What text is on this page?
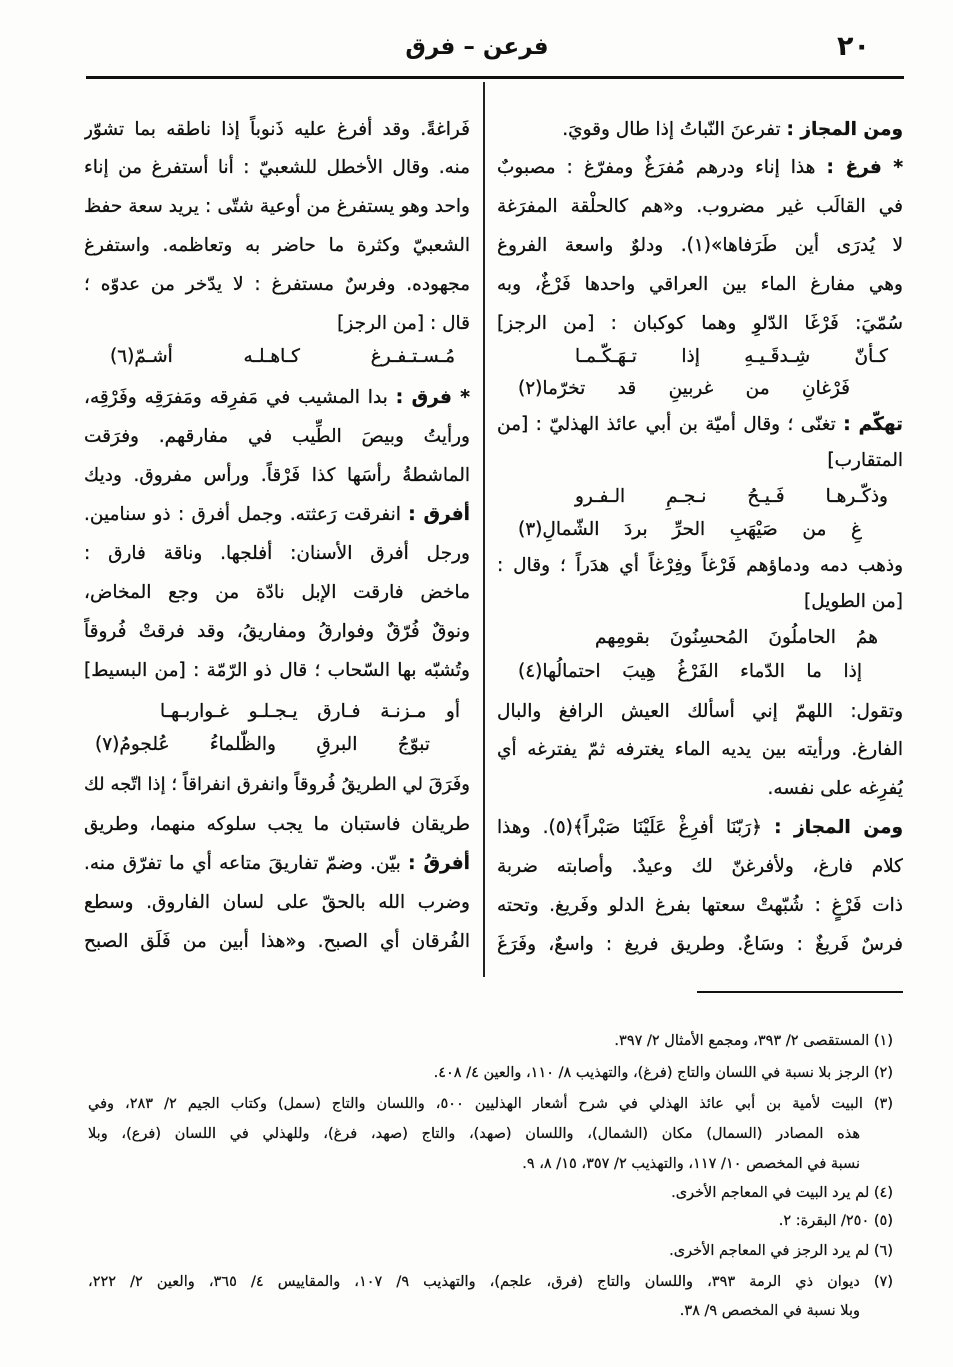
٢٠
فرعن – فرق
ومن المجاز : تفرعنَ النّباتُ إذا طال وقويَ.
* فرغ : هذا إناء ودرهم مُفرَغٌ ومفرّغ : مصبوبٌ
في القالَب غير مضروب. و«هم كالحلْقة المفرَغة
لا يُدرَى أين طَرَفاها»(١). ودلوٌ واسعة الفروغ
وهي مفارغ الماء بين العراقي واحدها فَرْغٌ، وبه
سُمّيَ: فَرْغَا الدّلوِ وهما كوكبان : [من الرجز]
كـأنّ شِـدقَـيـهِ إذا تـهَـكّـمـا
فَرْغانِ من غربينِ قد تخرّما(٢)
تهكّم : تغنّى ؛ وقال أميّة بن أبي عائذ الهذليّ : [من
المتقارب]
وذكّـرهـا فَـيـحُ نـجـمِ الـفـرو
غِ من صَيْهَبِ الحرِّ بردَ الشّمالِ(٣)
وذهب دمه ودماؤهم فَرْغاً وفِرْغاً أي هدَراً ؛ وقال :
[من الطويل]
همُ الحاملُونَ المُحسِنُونَ بقومِهم
إذا ما الدّماء الفَرْغُ هِيبَ احتمالُها(٤)
وتقول: اللهمّ إني أسألك العيش الرافغ والبال
الفارغ. ورأيته بين يديه الماء يغترفه ثمّ يفترغه أي
يُفرِغه على نفسه.
ومن المجاز : ﴿رَبّنَا أفرِغْ عَلَيْنَا صَبْراً﴾(٥). وهذا
كلام فارغ، ولأفرغنّ لك وعيدٌ. وأصابته ضربة
ذات فَرْغٍ : شُبّهتْ سعتها بفرغ الدلو وفَريغ. وتحته
فرسٌ فَريغٌ : وسَاعٌ. وطريق فريغ : واسعٌ، وفَرَغَ
فَراغةً. وقد أفرغ عليه ذَنوباً إذا ناطقه بما تشوّر
منه. وقال الأخطل للشعبيّ : أنا أستفرغ من إناء
واحد وهو يستفرغ من أوعية شتّى : يريد سعة حفظ
الشعبيّ وكثرة ما حاضر به وتعاظمه. واستفرغ
مجهوده. وفرسٌ مستفرغ : لا يدّخر من عدوّه ؛
قال : [من الرجز]
مُـسـتـفـرغ كـاهـلـه أشـمّ(٦)
* فرق : بدا المشيب في مَفرِقه ومَفرَقِه وفَرْقِه،
ورأيتُ وبيصَ الطِّيب في مفارقهم. وفرَقت
الماشطةُ رأسَها كذا فَرْقاً. ورأس مفروق. وديك
أفرق : انفرقت رَعثته. وجمل أفرق : ذو سنامين.
ورجل أفرق الأسنان: أفلجها. وناقة فارق :
ماخض فارقت الإبل نادّة من وجع المخاض،
ونوقٌ فُرّقٌ وفوارقُ ومفاريقُ، وقد فرقتْ فُروقاً
وتُشبّه بها السّحاب ؛ قال ذو الرّمّة : [من البسيط]
أو مـزنـة فـارق يـجـلـو غـواربـهـا
تبوّجُ البرقِ والظّلماءُ عُلجومُ(٧)
وفَرَقَ لي الطريقُ فُروقاً وانفرق انفراقاً ؛ إذا اتّجه لك
طريقان فاستبان ما يجب سلوكه منهما، وطريق
أفرقُ : بيّن. وضمّ تفاريقَ متاعه أي ما تفرّق منه.
وضرب الله بالحقّ على لسان الفاروق. وسطع
الفُرقان أي الصبح. و«هذا أبين من فَلَق الصبح
(١) المستقصى ٢/ ٣٩٣، ومجمع الأمثال ٢/ ٣٩٧.
(٢) الرجز بلا نسبة في اللسان والتاج (فرغ)، والتهذيب ٨/ ١١٠، والعين ٤/ ٤٠٨.
(٣) البيت لأمية بن أبي عائذ الهذلي في شرح أشعار الهذليين ٥٠٠، واللسان والتاج (سمل) وكتاب الجيم ٢/ ٢٨٣، وفي
هذه المصادر (السمال) مكان (الشمال)، واللسان (صهد)، والتاج (صهد، فرغ)، وللهذلي في اللسان (فرع)، وبلا
نسبة في المخصص ١٠/ ١١٧، والتهذيب ٢/ ٣٥٧، ١٥/ ٨، ٩.
(٤) لم يرد البيت في المعاجم الأخرى.
(٥) ٢٥٠/ البقرة: ٢.
(٦) لم يرد الرجز في المعاجم الأخرى.
(٧) ديوان ذي الرمة ٣٩٣، واللسان والتاج (فرق، علجم)، والتهذيب ٩/ ١٠٧، والمقاييس ٤/ ٣٦٥، والعين ٢/ ٢٢٢،
وبلا نسبة في المخصص ٩/ ٣٨.
